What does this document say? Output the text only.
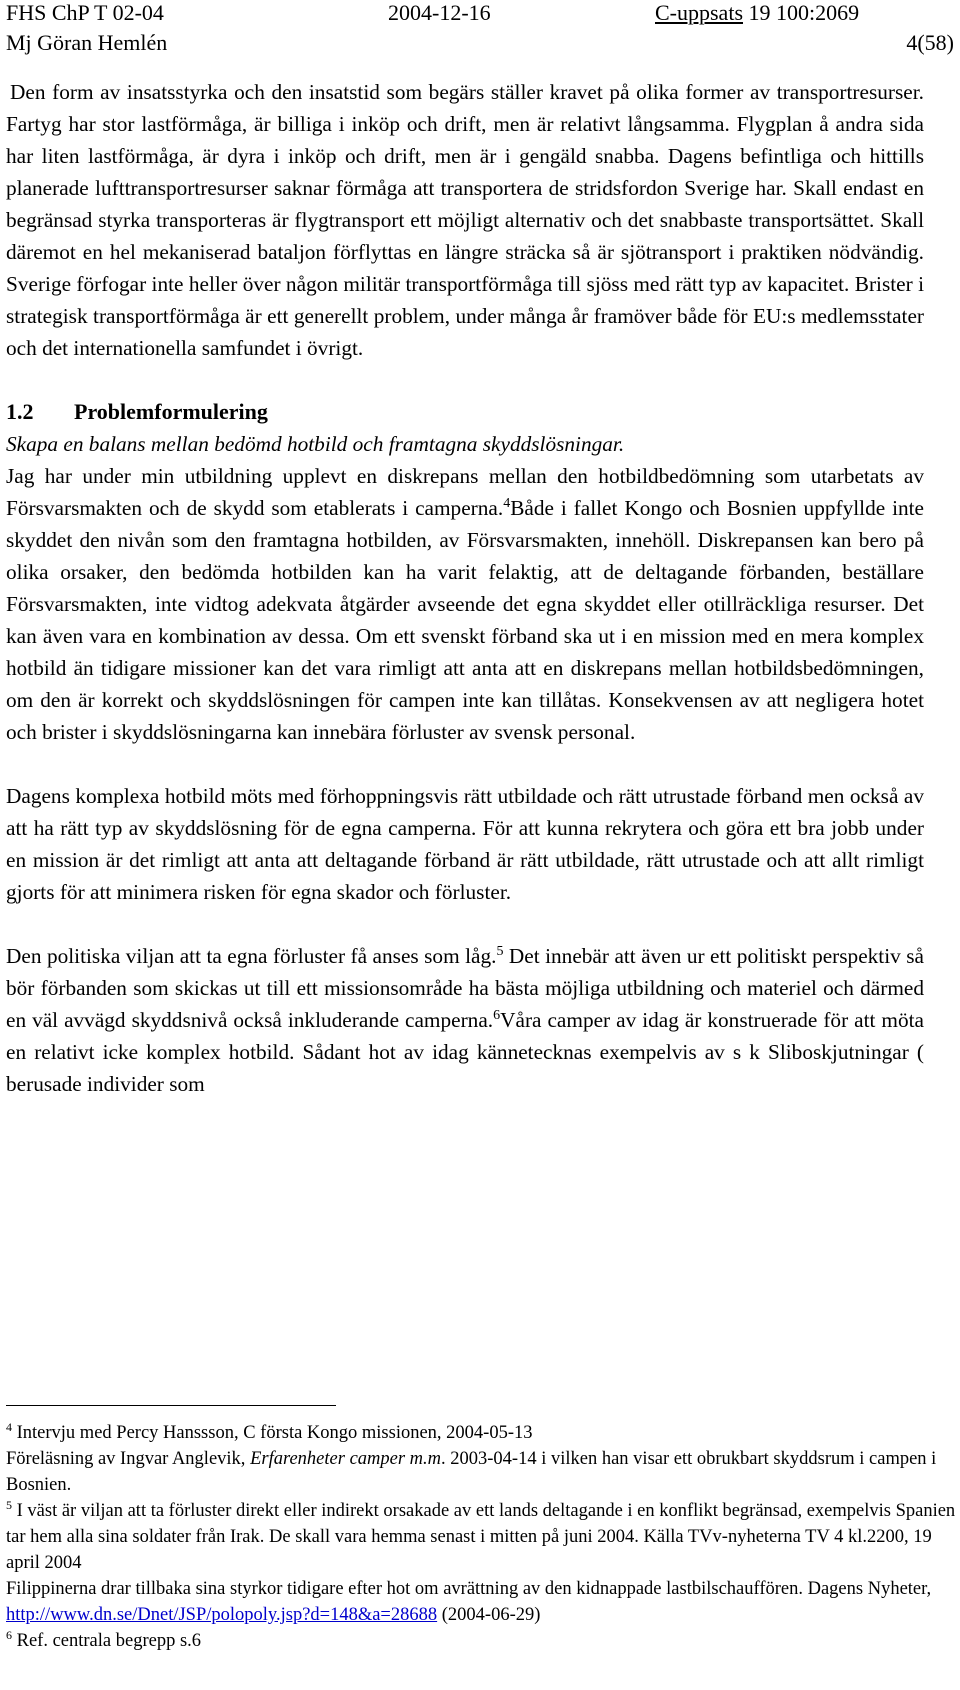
FHS ChP T 02-04	2004-12-16	C-uppsats 19 100:2069
Mj Göran Hemlén	4(58)

Den form av insatsstyrka och den insatstid som begärs ställer kravet på olika former av transportresurser. Fartyg har stor lastförmåga, är billiga i inköp och drift, men är relativt långsamma. Flygplan å andra sida har liten lastförmåga, är dyra i inköp och drift, men är i gengäld snabba. Dagens befintliga och hittills planerade lufttransportresurser saknar förmåga att transportera de stridsfordon Sverige har. Skall endast en begränsad styrka transporteras är flygtransport ett möjligt alternativ och det snabbaste transportsättet. Skall däremot en hel mekaniserad bataljon förflyttas en längre sträcka så är sjötransport i praktiken nödvändig. Sverige förfogar inte heller över någon militär transportförmåga till sjöss med rätt typ av kapacitet. Brister i strategisk transportförmåga är ett generellt problem, under många år framöver både för EU:s medlemsstater och det internationella samfundet i övrigt.

1.2 Problemformulering

Skapa en balans mellan bedömd hotbild och framtagna skyddslösningar.

Jag har under min utbildning upplevt en diskrepans mellan den hotbildbedömning som utarbetats av Försvarsmakten och de skydd som etablerats i camperna.$^4$Både i fallet Kongo och Bosnien uppfyllde inte skyddet den nivån som den framtagna hotbilden, av Försvarsmakten, innehöll. Diskrepansen kan bero på olika orsaker, den bedömda hotbilden kan ha varit felaktig, att de deltagande förbanden, beställare Försvarsmakten, inte vidtog adekvata åtgärder avseende det egna skyddet eller otillräckliga resurser. Det kan även vara en kombination av dessa. Om ett svenskt förband ska ut i en mission med en mera komplex hotbild än tidigare missioner kan det vara rimligt att anta att en diskrepans mellan hotbildsbedömningen, om den är korrekt och skyddslösningen för campen inte kan tillåtas. Konsekvensen av att negligera hotet och brister i skyddslösningarna kan innebära förluster av svensk personal.

Dagens komplexa hotbild möts med förhoppningsvis rätt utbildade och rätt utrustade förband men också av att ha rätt typ av skyddslösning för de egna camperna. För att kunna rekrytera och göra ett bra jobb under en mission är det rimligt att anta att deltagande förband är rätt utbildade, rätt utrustade och att allt rimligt gjorts för att minimera risken för egna skador och förluster.

Den politiska viljan att ta egna förluster få anses som låg.$^5$ Det innebär att även ur ett politiskt perspektiv så bör förbanden som skickas ut till ett missionsområde ha bästa möjliga utbildning och materiel och därmed en väl avvägd skyddsnivå också inkluderande camperna.$^6$Våra camper av idag är konstruerade för att möta en relativt icke komplex hotbild. Sådant hot av idag kännetecknas exempelvis av s k Sliboskjutningar ( berusade individer som

$^4$ Intervju med Percy Hanssson, C första Kongo missionen, 2004-05-13

Föreläsning av Ingvar Anglevik, Erfarenheter camper m.m. 2003-04-14 i vilken han visar ett obrukbart skyddsrum i campen i Bosnien.

$^5$ I väst är viljan att ta förluster direkt eller indirekt orsakade av ett lands deltagande i en konflikt begränsad, exempelvis Spanien tar hem alla sina soldater från Irak. De skall vara hemma senast i mitten på juni 2004. Källa TVv-nyheterna TV 4 kl.2200, 19 april 2004

Filippinerna drar tillbaka sina styrkor tidigare efter hot om avrättning av den kidnappade lastbilschauffören. Dagens Nyheter, http://www.dn.se/Dnet/JSP/polopoly.jsp?d=148&a=28688 (2004-06-29)

$^6$ Ref. centrala begrepp s.6
